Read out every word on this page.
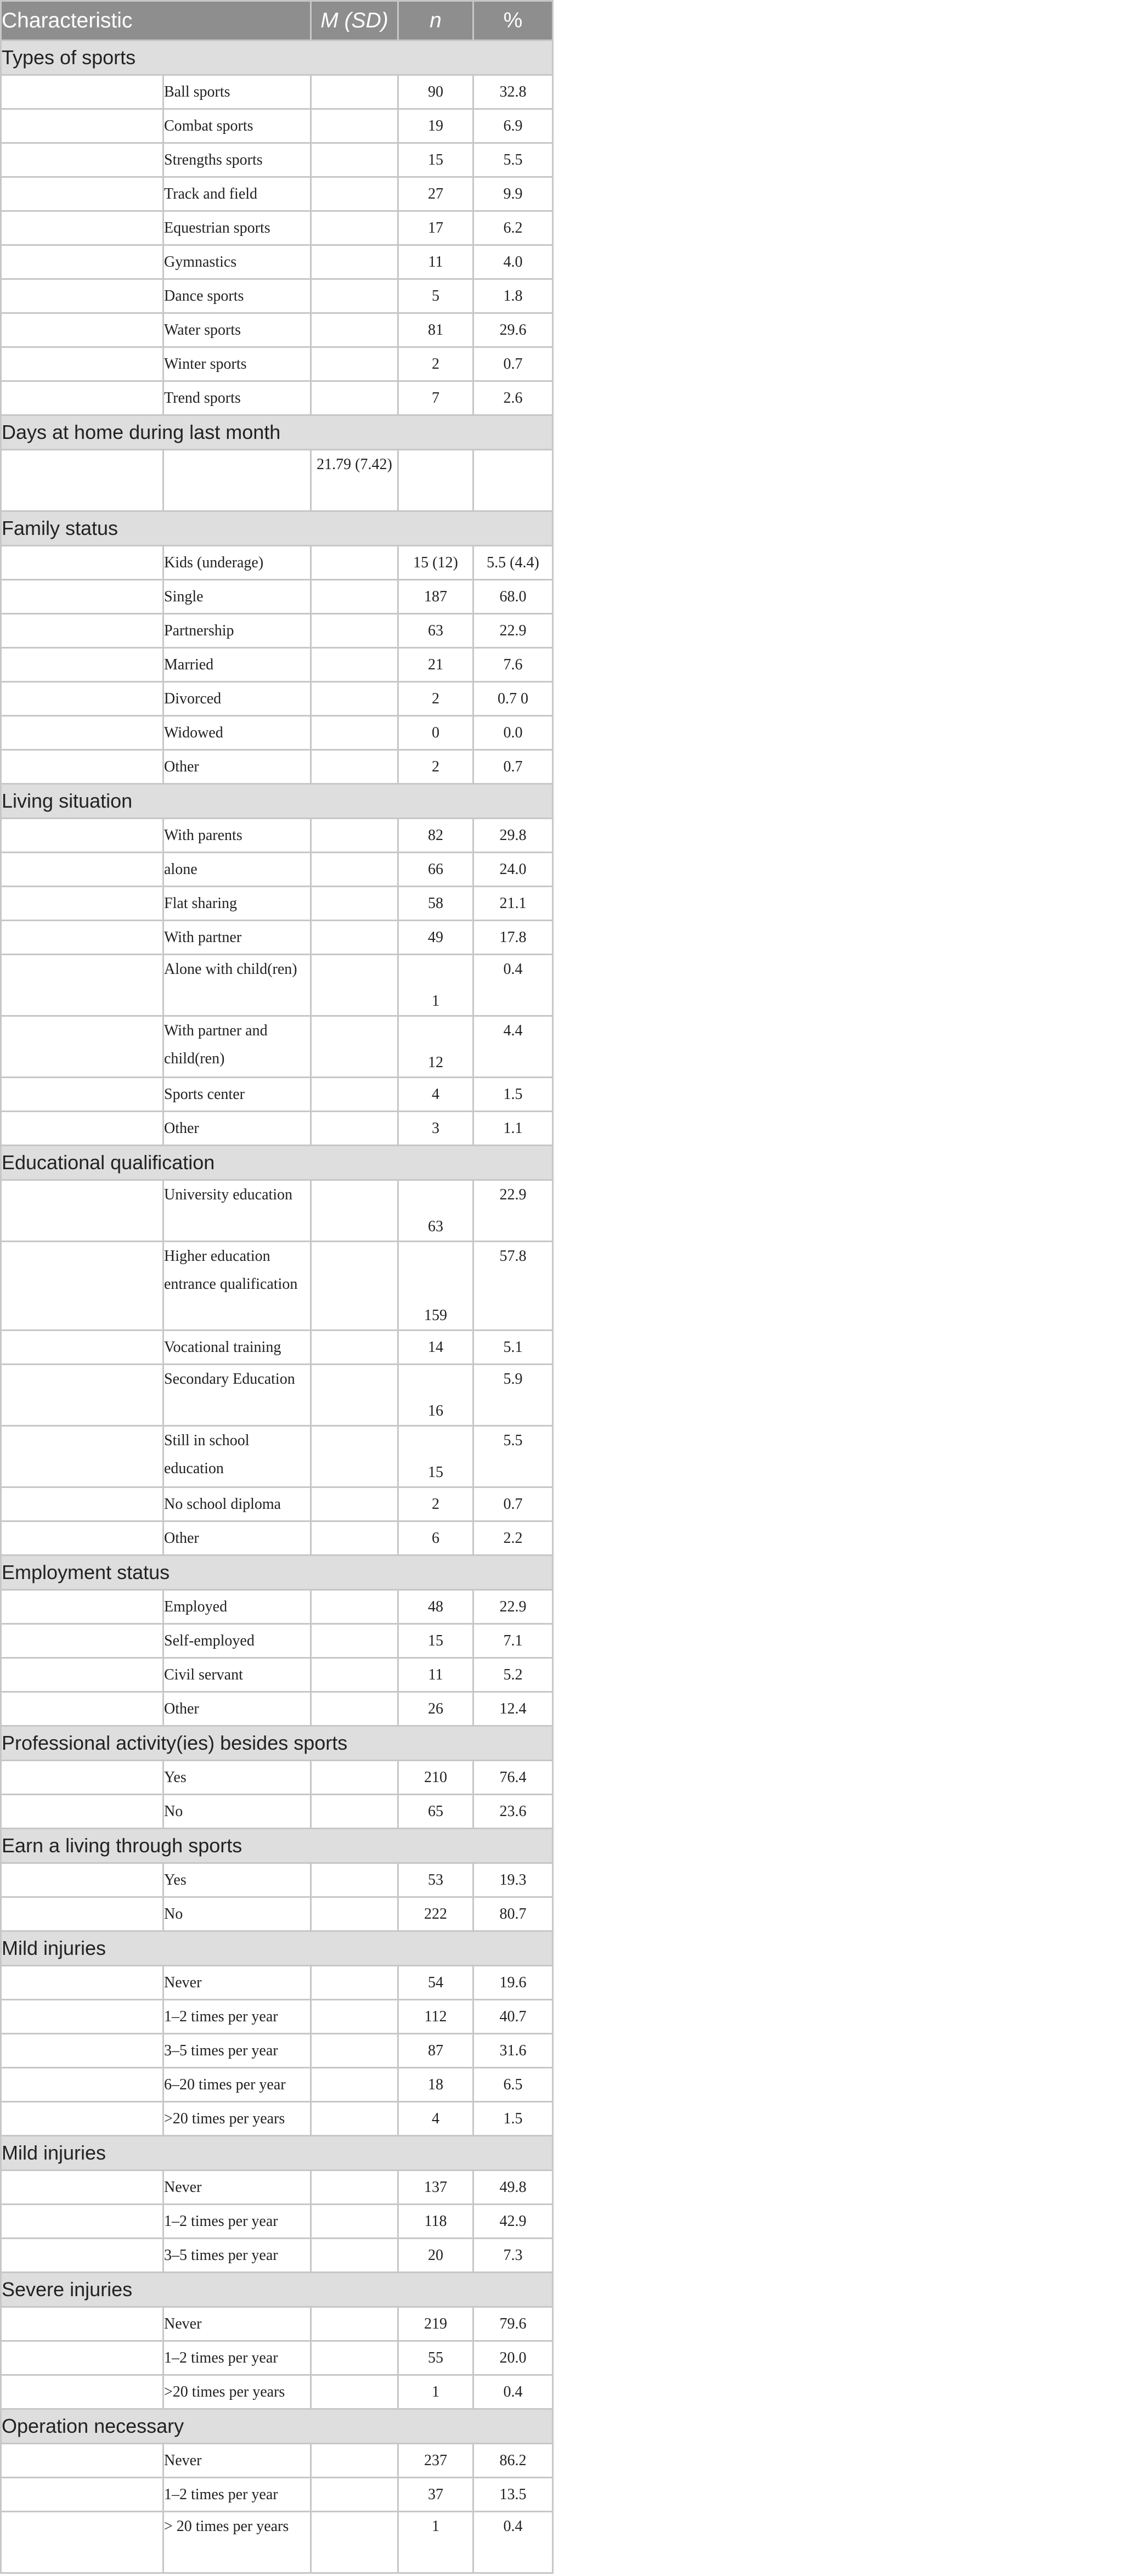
Characteristic		M (SD)	n	%
Types of sports				
	Ball sports		90	32.8
	Combat sports		19	6.9
	Strengths sports		15	5.5
	Track and field		27	9.9
	Equestrian sports		17	6.2
	Gymnastics		11	4.0
	Dance sports		5	1.8
	Water sports		81	29.6
	Winter sports		2	0.7
	Trend sports		7	2.6
Days at home during last month				
		21.79 (7.42)		
Family status				
	Kids (underage)		15 (12)	5.5 (4.4)
	Single		187	68.0
	Partnership		63	22.9
	Married		21	7.6
	Divorced		2	0.7 0
	Widowed		0	0.0
	Other		2	0.7
Living situation				
	With parents		82	29.8
	alone		66	24.0
	Flat sharing		58	21.1
	With partner		49	17.8
	Alone with child(ren)		1	0.4
	With partner and child(ren)		12	4.4
	Sports center		4	1.5
	Other		3	1.1
Educational qualification				
	University education		63	22.9
	Higher education entrance qualification		159	57.8
	Vocational training		14	5.1
	Secondary Education		16	5.9
	Still in school education		15	5.5
	No school diploma		2	0.7
	Other		6	2.2
Employment status				
	Employed		48	22.9
	Self-employed		15	7.1
	Civil servant		11	5.2
	Other		26	12.4
Professional activity(ies) besides sports				
	Yes		210	76.4
	No		65	23.6
Earn a living through sports				
	Yes		53	19.3
	No		222	80.7
Mild injuries				
	Never		54	19.6
	1–2 times per year		112	40.7
	3–5 times per year		87	31.6
	6–20 times per year		18	6.5
	>20 times per years		4	1.5
Mild injuries				
	Never		137	49.8
	1–2 times per year		118	42.9
	3–5 times per year		20	7.3
Severe injuries				
	Never		219	79.6
	1–2 times per year		55	20.0
	>20 times per years		1	0.4
Operation necessary				
	Never		237	86.2
	1–2 times per year		37	13.5
	> 20 times per years		1	0.4
